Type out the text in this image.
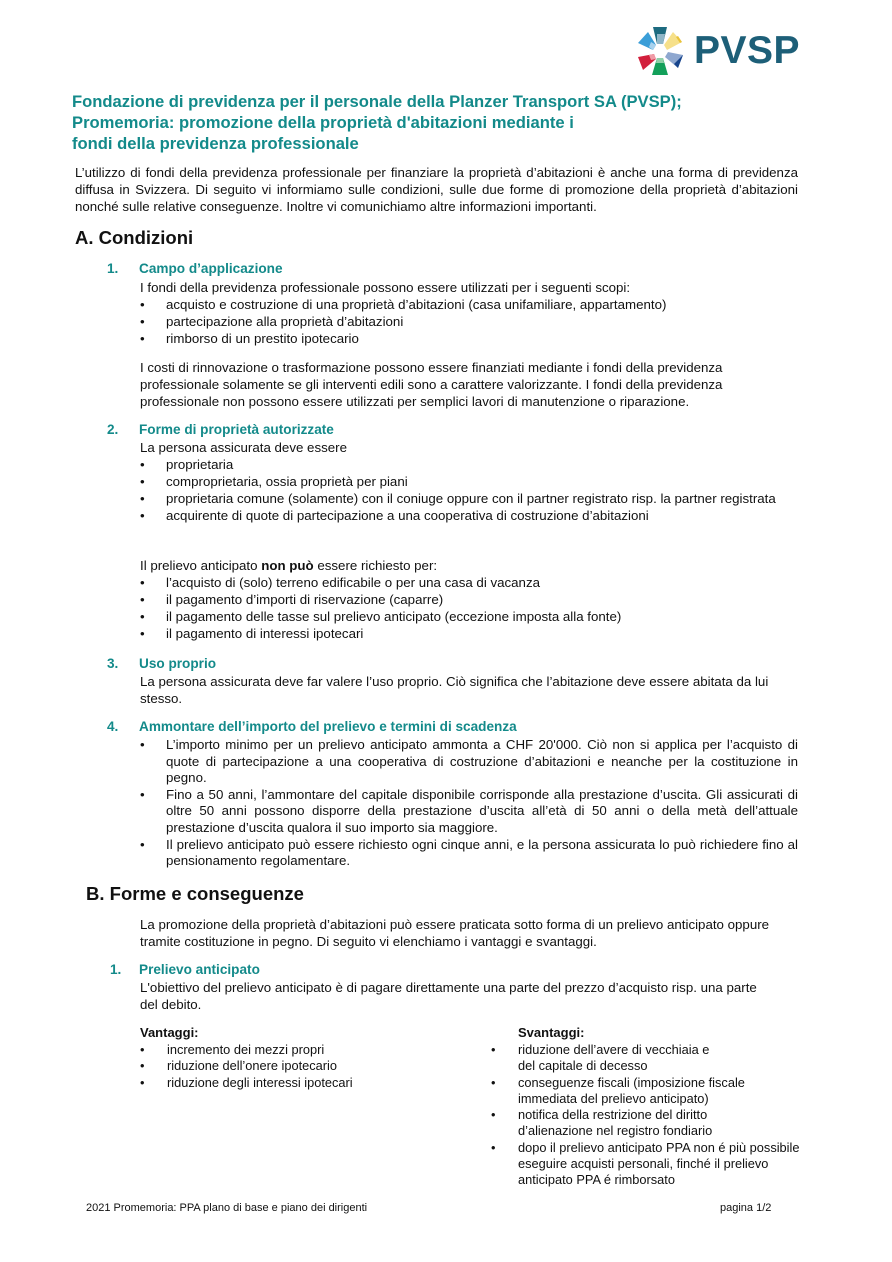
PVSP
Fondazione di previdenza per il personale della Planzer Transport SA (PVSP);
Promemoria: promozione della proprietà d'abitazioni mediante i
fondi della previdenza professionale
L’utilizzo di fondi della previdenza professionale per finanziare la proprietà d’abitazioni è anche una forma di previdenza diffusa in Svizzera. Di seguito vi informiamo sulle condizioni, sulle due forme di promozione della proprietà d’abitazioni nonché sulle relative conseguenze. Inoltre vi comunichiamo altre informazioni importanti.
A. Condizioni
1. Campo d’applicazione
I fondi della previdenza professionale possono essere utilizzati per i seguenti scopi:
• acquisto e costruzione di una proprietà d’abitazioni (casa unifamiliare, appartamento)
• partecipazione alla proprietà d’abitazioni
• rimborso di un prestito ipotecario
I costi di rinnovazione o trasformazione possono essere finanziati mediante i fondi della previdenza professionale solamente se gli interventi edili sono a carattere valorizzante. I fondi della previdenza professionale non possono essere utilizzati per semplici lavori di manutenzione o riparazione.
2. Forme di proprietà autorizzate
La persona assicurata deve essere
• proprietaria
• comproprietaria, ossia proprietà per piani
• proprietaria comune (solamente) con il coniuge oppure con il partner registrato risp. la partner registrata
• acquirente di quote di partecipazione a una cooperativa di costruzione d’abitazioni
Il prelievo anticipato non può essere richiesto per:
• l’acquisto di (solo) terreno edificabile o per una casa di vacanza
• il pagamento d’importi di riservazione (caparre)
• il pagamento delle tasse sul prelievo anticipato (eccezione imposta alla fonte)
• il pagamento di interessi ipotecari
3. Uso proprio
La persona assicurata deve far valere l’uso proprio. Ciò significa che l’abitazione deve essere abitata da lui stesso.
4. Ammontare dell’importo del prelievo e termini di scadenza
• L’importo minimo per un prelievo anticipato ammonta a CHF 20'000. Ciò non si applica per l’acquisto di quote di partecipazione a una cooperativa di costruzione d’abitazioni e neanche per la costituzione in pegno.
• Fino a 50 anni, l’ammontare del capitale disponibile corrisponde alla prestazione d’uscita. Gli assicurati di oltre 50 anni possono disporre della prestazione d’uscita all’età di 50 anni o della metà dell’attuale prestazione d’uscita qualora il suo importo sia maggiore.
• Il prelievo anticipato può essere richiesto ogni cinque anni, e la persona assicurata lo può richiedere fino al pensionamento regolamentare.
B. Forme e conseguenze
La promozione della proprietà d’abitazioni può essere praticata sotto forma di un prelievo anticipato oppure tramite costituzione in pegno. Di seguito vi elenchiamo i vantaggi e svantaggi.
1. Prelievo anticipato
L'obiettivo del prelievo anticipato è di pagare direttamente una parte del prezzo d’acquisto risp. una parte del debito.
Vantaggi:
• incremento dei mezzi propri
• riduzione dell’onere ipotecario
• riduzione degli interessi ipotecari
Svantaggi:
• riduzione dell’avere di vecchiaia e del capitale di decesso
• conseguenze fiscali (imposizione fiscale immediata del prelievo anticipato)
• notifica della restrizione del diritto d’alienazione nel registro fondiario
• dopo il prelievo anticipato PPA non é più possibile eseguire acquisti personali, finché il prelievo anticipato PPA é rimborsato
2021 Promemoria: PPA plano di base e piano dei dirigenti	pagina 1/2
